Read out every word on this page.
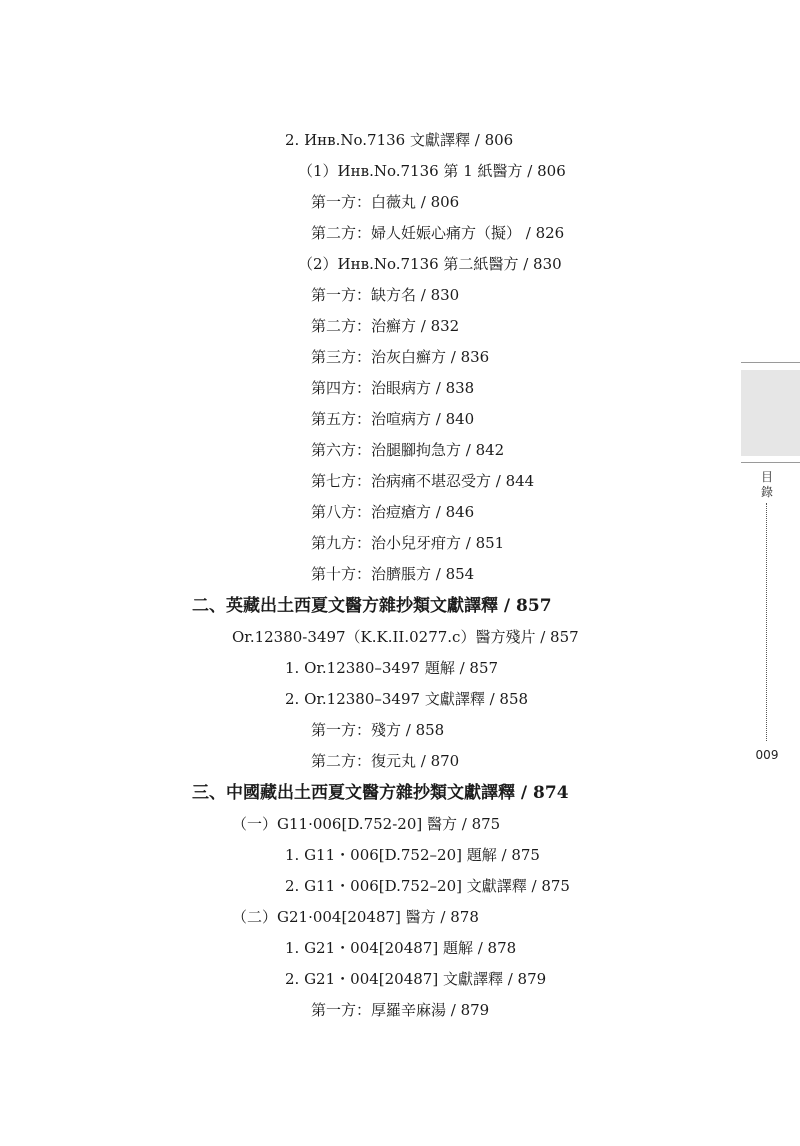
2. Инв.No.7136 文獻譯釋 / 806
（1）Инв.No.7136 第 1 紙醫方 / 806
第一方：白薇丸 / 806
第二方：婦人妊娠心痛方（擬） / 826
（2）Инв.No.7136 第二紙醫方 / 830
第一方：缺方名 / 830
第二方：治癬方 / 832
第三方：治灰白癬方 / 836
第四方：治眼病方 / 838
第五方：治喧病方 / 840
第六方：治腿腳拘急方 / 842
第七方：治病痛不堪忍受方 / 844
第八方：治痘瘡方 / 846
第九方：治小兒牙疳方 / 851
第十方：治臍脹方 / 854
二、英藏出土西夏文醫方雜抄類文獻譯釋 / 857
Or.12380-3497（K.K.II.0277.c）醫方殘片 / 857
1. Or.12380–3497 題解 / 857
2. Or.12380–3497 文獻譯釋 / 858
第一方：殘方 / 858
第二方：復元丸 / 870
三、中國藏出土西夏文醫方雜抄類文獻譯釋 / 874
（一）G11·006[D.752-20] 醫方 / 875
1. G11・006[D.752–20] 題解 / 875
2. G11・006[D.752–20] 文獻譯釋 / 875
（二）G21·004[20487] 醫方 / 878
1. G21・004[20487] 題解 / 878
2. G21・004[20487] 文獻譯釋 / 879
第一方：厚羅辛麻湯 / 879
目錄
009
